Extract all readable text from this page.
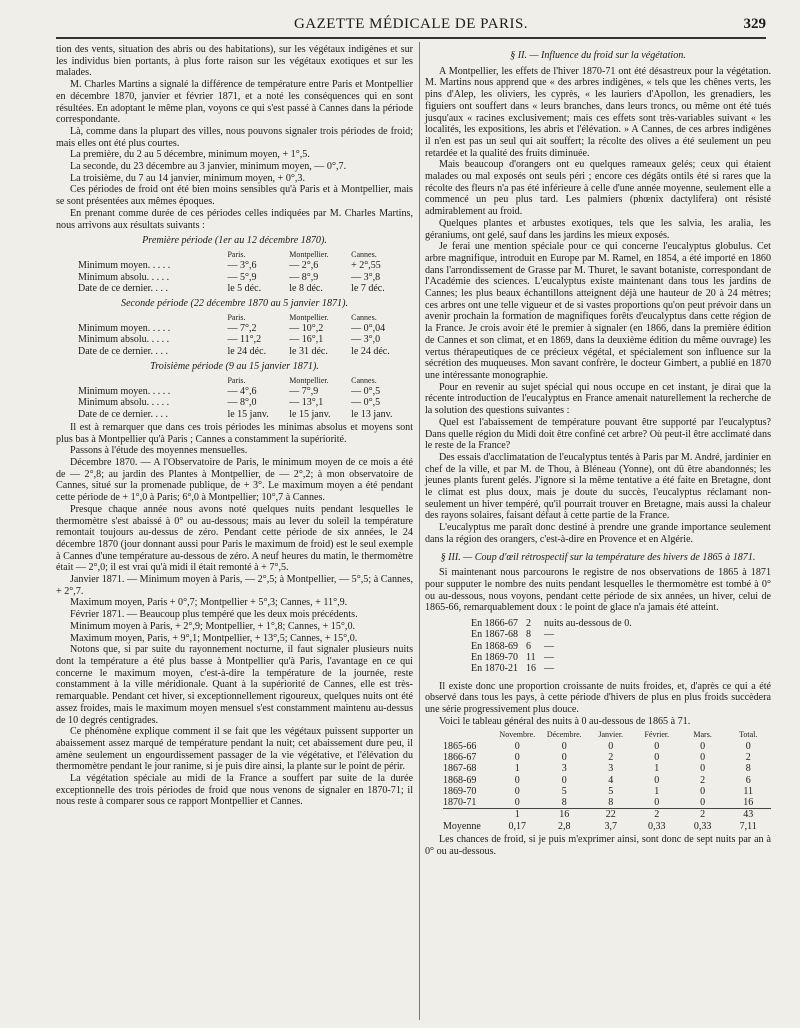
GAZETTE MÉDICALE DE PARIS.	329

tion des vents, situation des abris ou des habitations), sur les végétaux indigènes et sur les individus bien portants, à plus forte raison sur les végétaux exotiques et sur les malades.

M. Charles Martins a signalé la différence de température entre Paris et Montpellier en décembre 1870, janvier et février 1871, et a noté les conséquences qui en sont résultées. En adoptant le même plan, voyons ce qui s'est passé à Cannes dans la période correspondante.

Là, comme dans la plupart des villes, nous pouvons signaler trois périodes de froid; mais elles ont été plus courtes.

La première, du 2 au 5 décembre, minimum moyen, + 1°,5.

La seconde, du 23 décembre au 3 janvier, minimum moyen, — 0°,7.

La troisième, du 7 au 14 janvier, minimum moyen, + 0°,3.

Ces périodes de froid ont été bien moins sensibles qu'à Paris et à Montpellier, mais se sont présentées aux mêmes époques.

En prenant comme durée de ces périodes celles indiquées par M. Charles Martins, nous arrivons aux résultats suivants :

Première période (1er au 12 décembre 1870).
	Paris.	Montpellier.	Cannes.
Minimum moyen. . . . .	— 3°,6	— 2°,6	+ 2°,55
Minimum absolu. . . . .	— 5°,9	— 8°,9	— 3°,8
Date de ce dernier. . . .	le 5 déc.	le 8 déc.	le 7 déc.
Seconde période (22 décembre 1870 au 5 janvier 1871).
	Paris.	Montpellier.	Cannes.
Minimum moyen. . . . .	— 7°,2	— 10°,2	— 0°,04
Minimum absolu. . . . .	— 11°,2	— 16°,1	— 3°,0
Date de ce dernier. . . .	le 24 déc.	le 31 déc.	le 24 déc.
Troisième période (9 au 15 janvier 1871).
	Paris.	Montpellier.	Cannes.
Minimum moyen. . . . .	— 4°,6	— 7°,9	— 0°,5
Minimum absolu. . . . .	— 8°,0	— 13°,1	— 0°,5
Date de ce dernier. . . .	le 15 janv.	le 15 janv.	le 13 janv.

Il est à remarquer que dans ces trois périodes les minimas absolus et moyens sont plus bas à Montpellier qu'à Paris ; Cannes a constamment la supériorité.

Passons à l'étude des moyennes mensuelles.

Décembre 1870. — A l'Observatoire de Paris, le minimum moyen de ce mois a été de — 2°,8; au jardin des Plantes à Montpellier, de — 2°,2; à mon observatoire de Cannes, situé sur la promenade publique, de + 3°. Le maximum moyen a été pendant cette période de + 1°,0 à Paris; 6°,0 à Montpellier; 10°,7 à Cannes.

Presque chaque année nous avons noté quelques nuits pendant lesquelles le thermomètre s'est abaissé à 0° ou au-dessous; mais au lever du soleil la température remontait toujours au-dessus de zéro. Pendant cette période de six années, le 24 décembre 1870 (jour donnant aussi pour Paris le maximum de froid) est le seul exemple à Cannes d'une température au-dessous de zéro. A neuf heures du matin, le thermomètre était — 2°,0; il est vrai qu'à midi il était remonté à + 7°,5.

Janvier 1871. — Minimum moyen à Paris, — 2°,5; à Montpellier, — 5°,5; à Cannes, + 2°,7.

Maximum moyen, Paris + 0°,7; Montpellier + 5°,3; Cannes, + 11°,9.

Février 1871. — Beaucoup plus tempéré que les deux mois précédents.

Minimum moyen à Paris, + 2°,9; Montpellier, + 1°,8; Cannes, + 15°,0.

Maximum moyen, Paris, + 9°,1; Montpellier, + 13°,5; Cannes, + 15°,0.

Notons que, si par suite du rayonnement nocturne, il faut signaler plusieurs nuits dont la température a été plus basse à Montpellier qu'à Paris, l'avantage en ce qui concerne le maximum moyen, c'est-à-dire la température de la journée, reste constamment à la ville méridionale. Quant à la supériorité de Cannes, elle est très-remarquable. Pendant cet hiver, si exceptionnellement rigoureux, quelques nuits ont été assez froides, mais le maximum moyen mensuel s'est constamment maintenu au-dessus de 10 degrés centigrades.

Ce phénomène explique comment il se fait que les végétaux puissent supporter un abaissement assez marqué de température pendant la nuit; cet abaissement dure peu, il amène seulement un engourdissement passager de la vie végétative, et l'élévation du thermomètre pendant le jour ranime, si je puis dire ainsi, la plante sur le point de périr.

La végétation spéciale au midi de la France a souffert par suite de la durée exceptionnelle des trois périodes de froid que nous venons de signaler en 1870-71; il nous reste à comparer sous ce rapport Montpellier et Cannes.

§ II. — Influence du froid sur la végétation.

A Montpellier, les effets de l'hiver 1870-71 ont été désastreux pour la végétation. M. Martins nous apprend que « des arbres indigènes, « tels que les chênes verts, les pins d'Alep, les oliviers, les cyprès, « les lauriers d'Apollon, les grenadiers, les figuiers ont souffert dans « leurs branches, dans leurs troncs, ou même ont été tués jusqu'aux « racines exclusivement; mais ces effets sont très-variables suivant « les localités, les expositions, les abris et l'élévation. » A Cannes, de ces arbres indigènes il n'en est pas un seul qui ait souffert; la récolte des olives a été seulement un peu retardée et la qualité des fruits diminuée.

Mais beaucoup d'orangers ont eu quelques rameaux gelés; ceux qui étaient malades ou mal exposés ont seuls péri ; encore ces dégâts ontils été si rares que la récolte des fleurs n'a pas été inférieure à celle d'une année moyenne, seulement elle a commencé un peu plus tard. Les palmiers (phœnix dactylifera) ont résisté admirablement au froid.

Quelques plantes et arbustes exotiques, tels que les salvia, les aralia, les géraniums, ont gelé, sauf dans les jardins les mieux exposés.

Je ferai une mention spéciale pour ce qui concerne l'eucalyptus globulus. Cet arbre magnifique, introduit en Europe par M. Ramel, en 1854, a été importé en 1860 dans l'arrondissement de Grasse par M. Thuret, le savant botaniste, correspondant de l'Académie des sciences. L'eucalyptus existe maintenant dans tous les jardins de Cannes; les plus beaux échantillons atteignent déjà une hauteur de 20 à 24 mètres; ces arbres ont une telle vigueur et de si vastes proportions qu'on peut prévoir dans un avenir prochain la formation de magnifiques forêts d'eucalyptus dans cette région de la France. Je crois avoir été le premier à signaler (en 1866, dans la première édition de Cannes et son climat, et en 1869, dans la deuxième édition du même ouvrage) les vertus thérapeutiques de ce précieux végétal, et spécialement son influence sur la sécrétion des muqueuses. Mon savant confrère, le docteur Gimbert, a publié en 1870 une intéressante monographie.

Pour en revenir au sujet spécial qui nous occupe en cet instant, je dirai que la récente introduction de l'eucalyptus en France amenait naturellement la recherche de la solution des questions suivantes :

Quel est l'abaissement de température pouvant être supporté par l'eucalyptus? Dans quelle région du Midi doit être confiné cet arbre? Où peut-il être acclimaté dans le reste de la France?

Des essais d'acclimatation de l'eucalyptus tentés à Paris par M. André, jardinier en chef de la ville, et par M. de Thou, à Bléneau (Yonne), ont dû être abandonnés; les jeunes plants furent gelés. J'ignore si la même tentative a été faite en Bretagne, dont le climat est plus doux, mais je doute du succès, l'eucalyptus réclamant non-seulement un hiver tempéré, qu'il pourrait trouver en Bretagne, mais aussi la chaleur des rayons solaires, faisant défaut à cette partie de la France.

L'eucalyptus me paraît donc destiné à prendre une grande importance seulement dans la région des orangers, c'est-à-dire en Provence et en Algérie.

§ III. — Coup d'œil rétrospectif sur la température des hivers de 1865 à 1871.

Si maintenant nous parcourons le registre de nos observations de 1865 à 1871 pour supputer le nombre des nuits pendant lesquelles le thermomètre est tombé à 0° ou au-dessous, nous voyons, pendant cette période de six années, un hiver, celui de 1865-66, remarquablement doux : le point de glace n'a jamais été atteint.

En 1866-67	2	nuits au-dessous de 0.
En 1867-68	8	—
En 1868-69	6	—
En 1869-70	11	—
En 1870-21	16	—

Il existe donc une proportion croissante de nuits froides, et, d'après ce qui a été observé dans tous les pays, à cette période d'hivers de plus en plus froids succèdera une série progressivement plus douce.

Voici le tableau général des nuits à 0 au-dessous de 1865 à 71.

	Novembre.	Décembre.	Janvier.	Février.	Mars.	Total.
1865-66	0	0	0	0	0	0
1866-67	0	0	2	0	0	2
1867-68	1	3	3	1	0	8
1868-69	0	0	4	0	2	6
1869-70	0	5	5	1	0	11
1870-71	0	8	8	0	0	16
	1	16	22	2	2	43
Moyenne	0,17	2,8	3,7	0,33	0,33	7,11

Les chances de froid, si je puis m'exprimer ainsi, sont donc de sept nuits par an à 0° ou au-dessous.
